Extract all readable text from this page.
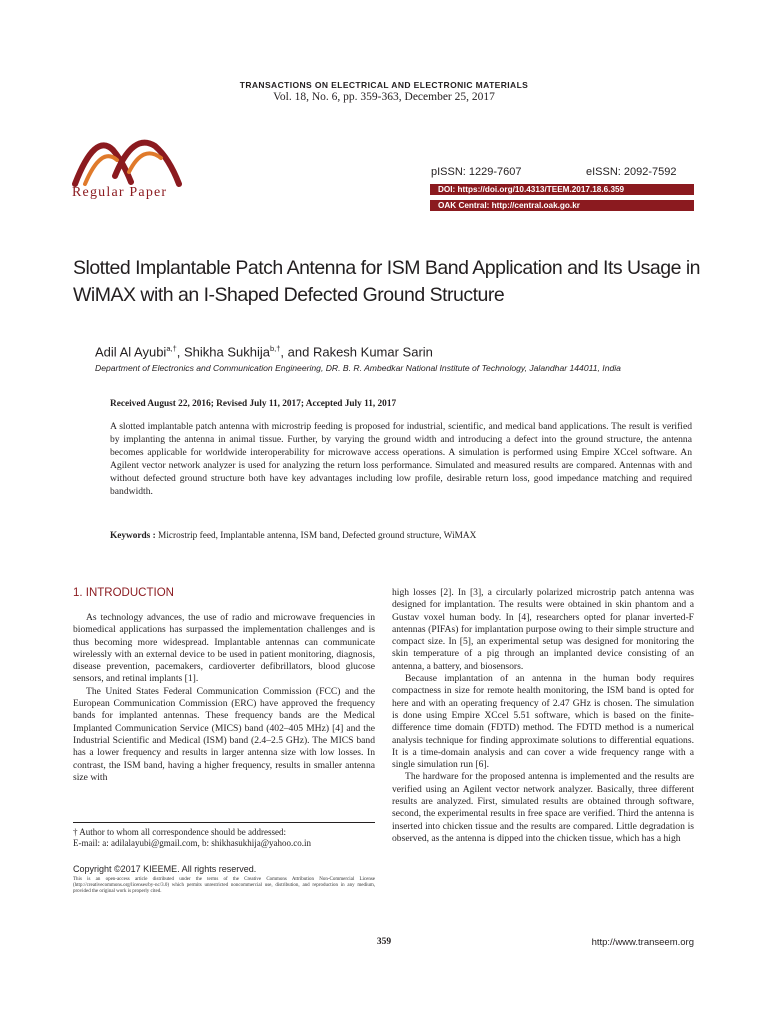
TRANSACTIONS ON ELECTRICAL AND ELECTRONIC MATERIALS
Vol. 18, No. 6, pp. 359-363, December 25, 2017
Regular Paper
pISSN: 1229-7607	eISSN: 2092-7592
DOI: https://doi.org/10.4313/TEEM.2017.18.6.359
OAK Central: http://central.oak.go.kr
Slotted Implantable Patch Antenna for ISM Band Application and Its Usage in WiMAX with an I-Shaped Defected Ground Structure
Adil Al Ayubi$^{a,\dagger}$, Shikha Sukhija$^{b,\dagger}$, and Rakesh Kumar Sarin
Department of Electronics and Communication Engineering, DR. B. R. Ambedkar National Institute of Technology, Jalandhar 144011, India
Received August 22, 2016; Revised July 11, 2017; Accepted July 11, 2017
A slotted implantable patch antenna with microstrip feeding is proposed for industrial, scientific, and medical band applications. The result is verified by implanting the antenna in animal tissue. Further, by varying the ground width and introducing a defect into the ground structure, the antenna becomes applicable for worldwide interoperability for microwave access operations. A simulation is performed using Empire XCcel software. An Agilent vector network analyzer is used for analyzing the return loss performance. Simulated and measured results are compared. Antennas with and without defected ground structure both have key advantages including low profile, desirable return loss, good impedance matching and required bandwidth.
Keywords : Microstrip feed, Implantable antenna, ISM band, Defected ground structure, WiMAX
1. INTRODUCTION

As technology advances, the use of radio and microwave frequencies in biomedical applications has surpassed the implementation challenges and is thus becoming more widespread. Implantable antennas can communicate wirelessly with an external device to be used in patient monitoring, diagnosis, disease prevention, pacemakers, cardioverter defibrillators, blood glucose sensors, and retinal implants [1].

The United States Federal Communication Commission (FCC) and the European Communication Commission (ERC) have approved the frequency bands for implanted antennas. These frequency bands are the Medical Implanted Communication Service (MICS) band (402–405 MHz) [4] and the Industrial Scientific and Medical (ISM) band (2.4–2.5 GHz). The MICS band has a lower frequency and results in larger antenna size with low losses. In contrast, the ISM band, having a higher frequency, results in smaller antenna size with

high losses [2]. In [3], a circularly polarized microstrip patch antenna was designed for implantation. The results were obtained in skin phantom and a Gustav voxel human body. In [4], researchers opted for planar inverted-F antennas (PIFAs) for implantation purpose owing to their simple structure and compact size. In [5], an experimental setup was designed for monitoring the skin temperature of a pig through an implanted device consisting of an antenna, a battery, and biosensors.

Because implantation of an antenna in the human body requires compactness in size for remote health monitoring, the ISM band is opted for here and with an operating frequency of 2.47 GHz is chosen. The simulation is done using Empire XCcel 5.51 software, which is based on the finite-difference time domain (FDTD) method. The FDTD method is a numerical analysis technique for finding approximate solutions to differential equations. It is a time-domain analysis and can cover a wide frequency range with a single simulation run [6].

The hardware for the proposed antenna is implemented and the results are verified using an Agilent vector network analyzer. Basically, three different results are analyzed. First, simulated results are obtained through software, second, the experimental results in free space are verified. Third the antenna is inserted into chicken tissue and the results are compared. Little degradation is observed, as the antenna is dipped into the chicken tissue, which has a high

† Author to whom all correspondence should be addressed:
E-mail: a: adilalayubi@gmail.com, b: shikhasukhija@yahoo.co.in
Copyright ©2017 KIEEME. All rights reserved.
This is an open-access article distributed under the terms of the Creative Commons Attribution Non-Commercial License (http://creativecommons.org/licenses/by-nc/3.0) which permits unrestricted noncommercial use, distribution, and reproduction in any medium, provided the original work is properly cited.
359	http://www.transeem.org
